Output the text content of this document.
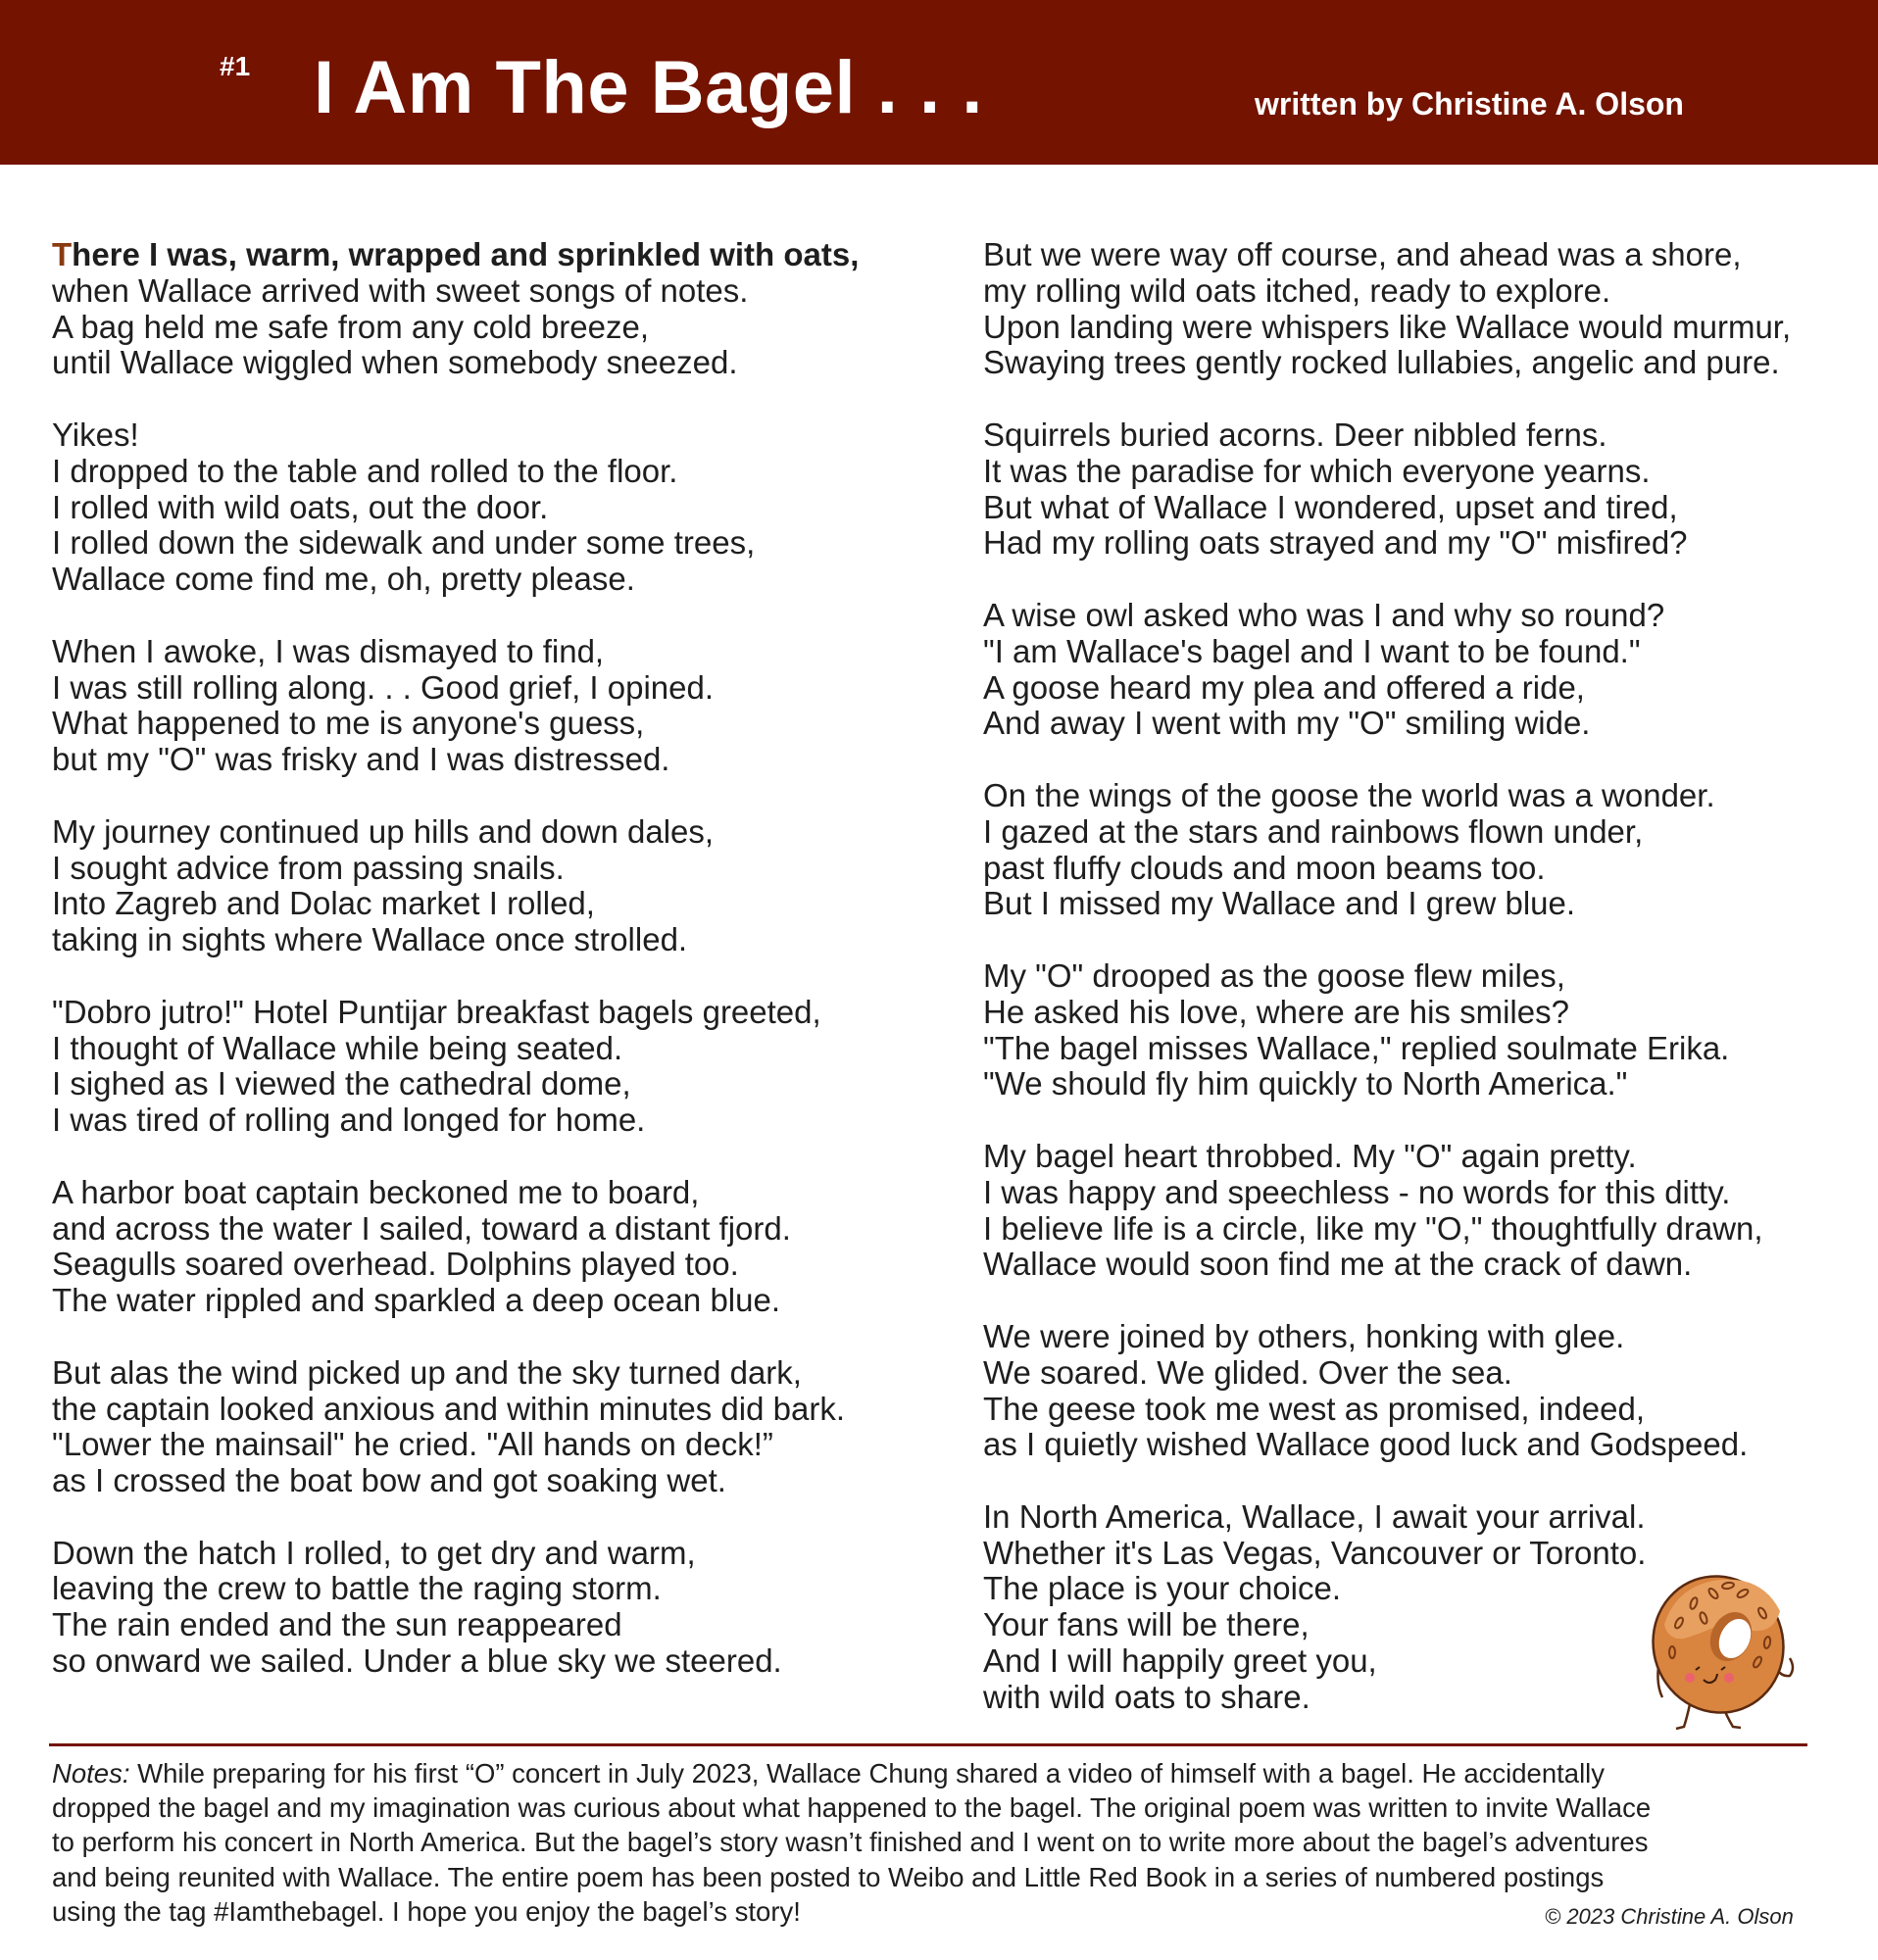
#1 I Am The Bagel . . .	written by Christine A. Olson
There I was, warm, wrapped and sprinkled with oats,
when Wallace arrived with sweet songs of notes.
A bag held me safe from any cold breeze,
until Wallace wiggled when somebody sneezed.
Yikes!
I dropped to the table and rolled to the floor.
I rolled with wild oats, out the door.
I rolled down the sidewalk and under some trees,
Wallace come find me, oh, pretty please.
When I awoke, I was dismayed to find,
I was still rolling along. . . Good grief, I opined.
What happened to me is anyone's guess,
but my "O" was frisky and I was distressed.
My journey continued up hills and down dales,
I sought advice from passing snails.
Into Zagreb and Dolac market I rolled,
taking in sights where Wallace once strolled.
"Dobro jutro!" Hotel Puntijar breakfast bagels greeted,
I thought of Wallace while being seated.
I sighed as I viewed the cathedral dome,
I was tired of rolling and longed for home.
A harbor boat captain beckoned me to board,
and across the water I sailed, toward a distant fjord.
Seagulls soared overhead. Dolphins played too.
The water rippled and sparkled a deep ocean blue.
But alas the wind picked up and the sky turned dark,
the captain looked anxious and within minutes did bark.
"Lower the mainsail" he cried. "All hands on deck!”
as I crossed the boat bow and got soaking wet.
Down the hatch I rolled, to get dry and warm,
leaving the crew to battle the raging storm.
The rain ended and the sun reappeared
so onward we sailed. Under a blue sky we steered.
But we were way off course, and ahead was a shore,
my rolling wild oats itched, ready to explore.
Upon landing were whispers like Wallace would murmur,
Swaying trees gently rocked lullabies, angelic and pure.
Squirrels buried acorns. Deer nibbled ferns.
It was the paradise for which everyone yearns.
But what of Wallace I wondered, upset and tired,
Had my rolling oats strayed and my "O" misfired?
A wise owl asked who was I and why so round?
"I am Wallace's bagel and I want to be found."
A goose heard my plea and offered a ride,
And away I went with my "O" smiling wide.
On the wings of the goose the world was a wonder.
I gazed at the stars and rainbows flown under,
past fluffy clouds and moon beams too.
But I missed my Wallace and I grew blue.
My "O" drooped as the goose flew miles,
He asked his love, where are his smiles?
"The bagel misses Wallace," replied soulmate Erika.
"We should fly him quickly to North America."
My bagel heart throbbed. My "O" again pretty.
I was happy and speechless - no words for this ditty.
I believe life is a circle, like my "O," thoughtfully drawn,
Wallace would soon find me at the crack of dawn.
We were joined by others, honking with glee.
We soared. We glided. Over the sea.
The geese took me west as promised, indeed,
as I quietly wished Wallace good luck and Godspeed.
In North America, Wallace, I await your arrival.
Whether it's Las Vegas, Vancouver or Toronto.
The place is your choice.
Your fans will be there,
And I will happily greet you,
with wild oats to share.
Notes: While preparing for his first “O” concert in July 2023, Wallace Chung shared a video of himself with a bagel. He accidentally
dropped the bagel and my imagination was curious about what happened to the bagel. The original poem was written to invite Wallace
to perform his concert in North America. But the bagel’s story wasn’t finished and I went on to write more about the bagel’s adventures
and being reunited with Wallace. The entire poem has been posted to Weibo and Little Red Book in a series of numbered postings
using the tag #Iamthebagel. I hope you enjoy the bagel’s story!	© 2023 Christine A. Olson
